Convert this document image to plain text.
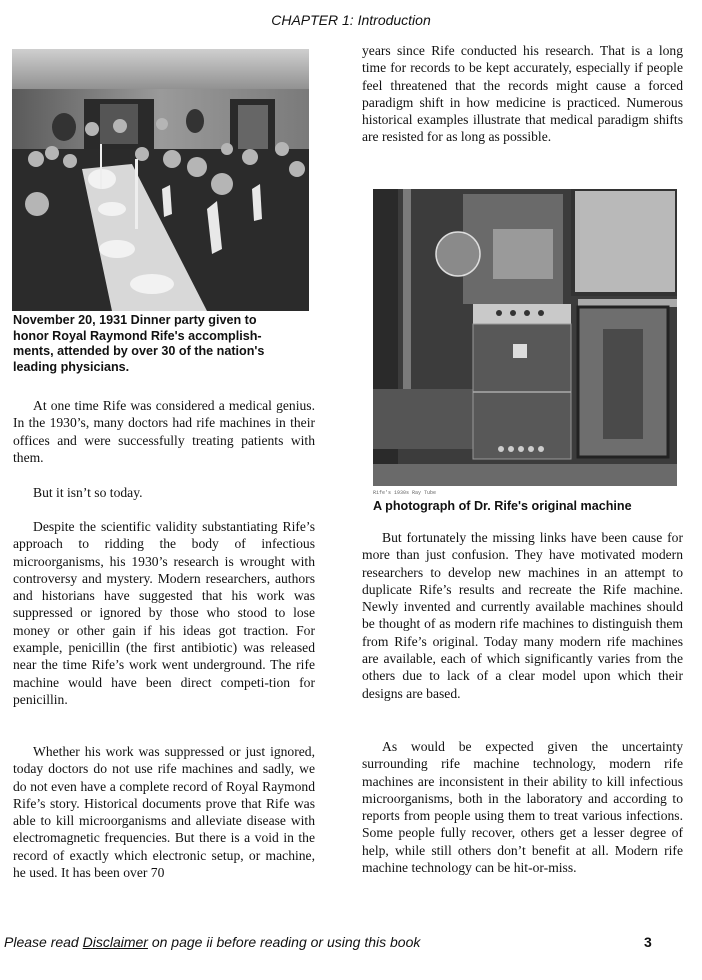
CHAPTER 1: Introduction
November 20, 1931 Dinner party given to honor Royal Raymond Rife's accomplish-ments, attended by over 30 of the nation's leading physicians.

At one time Rife was considered a medical genius. In the 1930’s, many doctors had rife machines in their offices and were successfully treating patients with them.

But it isn’t so today.

Despite the scientific validity substantiating Rife’s approach to ridding the body of infectious microorganisms, his 1930’s research is wrought with controversy and mystery. Modern researchers, authors and historians have suggested that his work was suppressed or ignored by those who stood to lose money or other gain if his ideas got traction. For example, penicillin (the first antibiotic) was released near the time Rife’s work went underground. The rife machine would have been direct competi-tion for penicillin.

Whether his work was suppressed or just ignored, today doctors do not use rife machines and sadly, we do not even have a complete record of Royal Raymond Rife’s story. Historical documents prove that Rife was able to kill microorganisms and alleviate disease with electromagnetic frequencies. But there is a void in the record of exactly which electronic setup, or machine, he used. It has been over 70

years since Rife conducted his research. That is a long time for records to be kept accurately, especially if people feel threatened that the records might cause a forced paradigm shift in how medicine is practiced. Numerous historical examples illustrate that medical paradigm shifts are resisted for as long as possible.

Rife's 1930s Ray Tube
A photograph of Dr. Rife's original machine

But fortunately the missing links have been cause for more than just confusion. They have motivated modern researchers to develop new machines in an attempt to duplicate Rife’s results and recreate the Rife machine. Newly invented and currently available machines should be thought of as modern rife machines to distinguish them from Rife’s original. Today many modern rife machines are available, each of which significantly varies from the others due to lack of a clear model upon which their designs are based.

As would be expected given the uncertainty surrounding rife machine technology, modern rife machines are inconsistent in their ability to kill infectious microorganisms, both in the laboratory and according to reports from people using them to treat various infections. Some people fully recover, others get a lesser degree of help, while still others don’t benefit at all. Modern rife machine technology can be hit-or-miss.

Please read Disclaimer on page ii before reading or using this book	3
